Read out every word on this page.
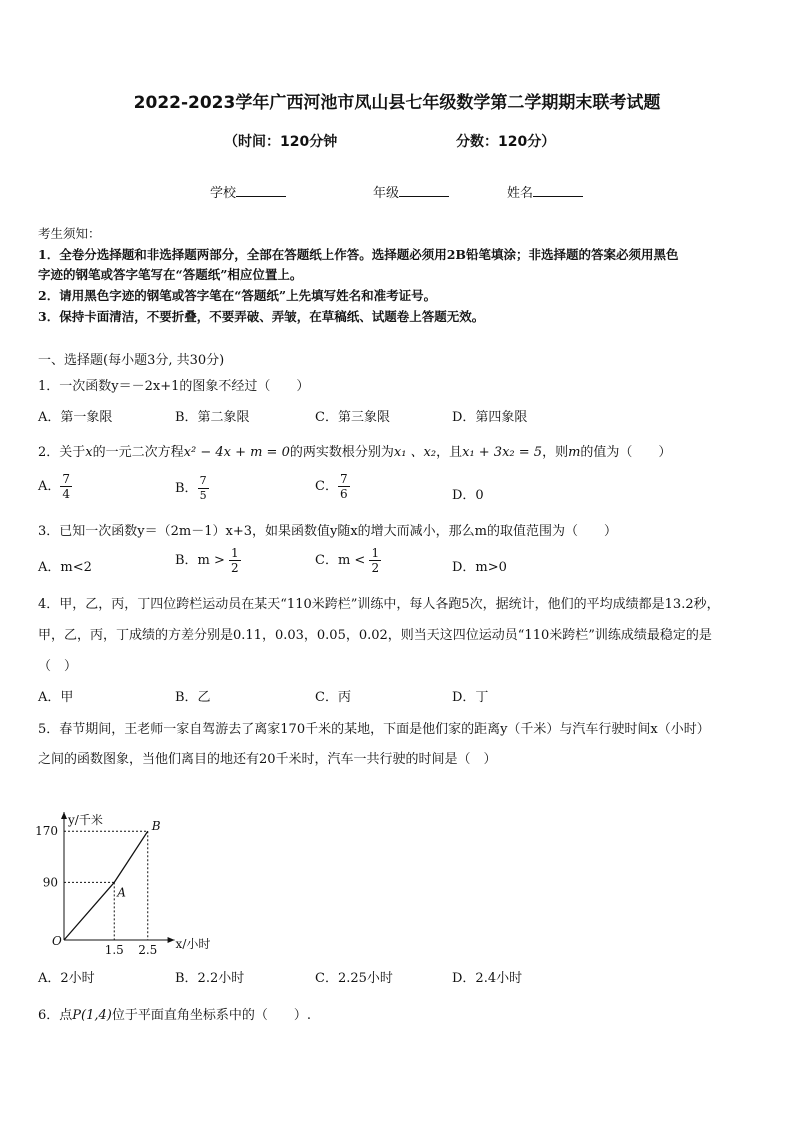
2022-2023学年广西河池市凤山县七年级数学第二学期期末联考试题
（时间：120分钟	分数：120分）
学校	年级	姓名
考生须知：
1．全卷分选择题和非选择题两部分，全部在答题纸上作答。选择题必须用2B铅笔填涂；非选择题的答案必须用黑色
字迹的钢笔或答字笔写在“答题纸”相应位置上。
2．请用黑色字迹的钢笔或答字笔在“答题纸”上先填写姓名和准考证号。
3．保持卡面清洁，不要折叠，不要弄破、弄皱，在草稿纸、试题卷上答题无效。
一、选择题(每小题3分, 共30分)
1．一次函数y＝－2x+1的图象不经过（　　）
A．第一象限	B．第二象限	C．第三象限	D．第四象限
2．关于x的一元二次方程x² − 4x + m = 0的两实数根分别为x₁ 、x₂，且x₁ + 3x₂ = 5，则m的值为（　　）
A． $\frac{7}{4}$	B． $\frac{7}{5}$	C． $\frac{7}{6}$	D．0
3．已知一次函数y＝（2m－1）x+3，如果函数值y随x的增大而减小，那么m的取值范围为（　　）
A．m<2	B．$m > \frac{1}{2}$	C．$m < \frac{1}{2}$	D．m>0
4．甲，乙，丙，丁四位跨栏运动员在某天“110米跨栏”训练中，每人各跑5次，据统计，他们的平均成绩都是13.2秒，
甲，乙，丙，丁成绩的方差分别是0.11，0.03，0.05，0.02，则当天这四位运动员“110米跨栏”训练成绩最稳定的是
（　）
A．甲	B．乙	C．丙	D．丁
5．春节期间，王老师一家自驾游去了离家170千米的某地，下面是他们家的距离y（千米）与汽车行驶时间x（小时）
之间的函数图象，当他们离目的地还有20千米时，汽车一共行驶的时间是（　）
1.5 2.5
90
170
O
A
B
x/小时
y/千米
A．2小时	B．2.2小时	C．2.25小时	D．2.4小时
6．点P(1,4)位于平面直角坐标系中的（　　）.
